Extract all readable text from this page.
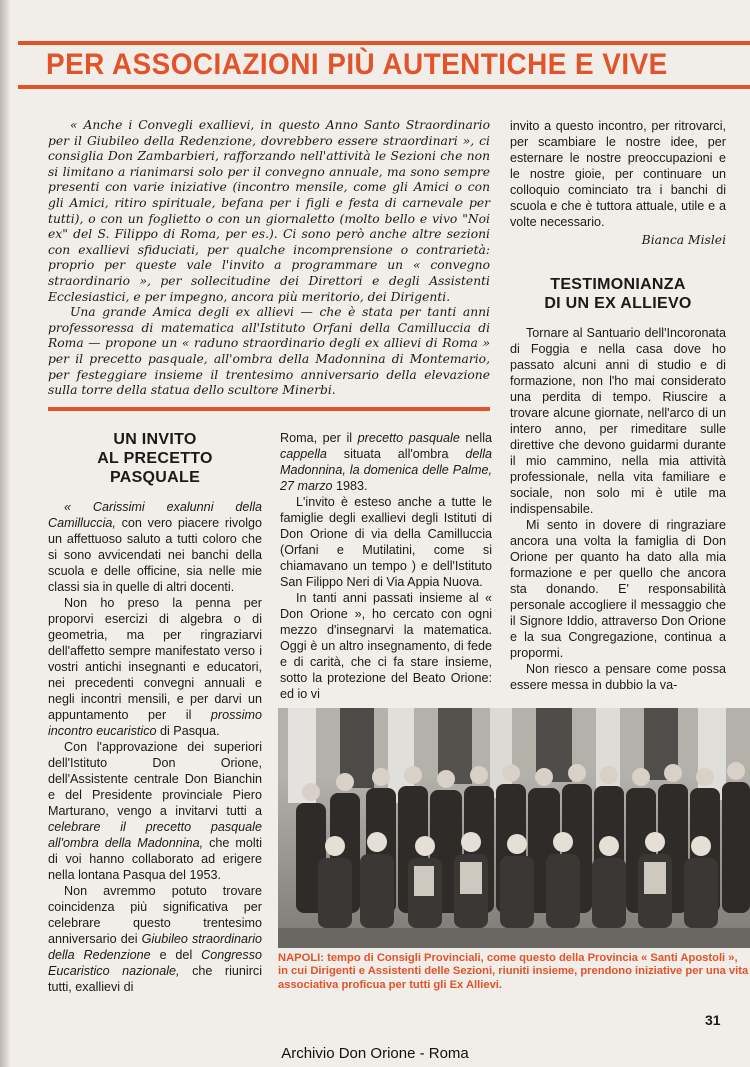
PER ASSOCIAZIONI PIÙ AUTENTICHE E VIVE

« Anche i Convegli exallievi, in questo Anno Santo Straordinario per il Giubileo della Redenzione, dovrebbero essere straordinari », ci consiglia Don Zambarbieri, rafforzando nell'attività le Sezioni che non si limitano a rianimarsi solo per il convegno annuale, ma sono sempre presenti con varie iniziative (incontro mensile, come gli Amici o con gli Amici, ritiro spirituale, befana per i figli e festa di carnevale per tutti), o con un foglietto o con un giornaletto (molto bello e vivo "Noi ex" del S. Filippo di Roma, per es.). Ci sono però anche altre sezioni con exallievi sfiduciati, per qualche incomprensione o contrarietà: proprio per queste vale l'invito a programmare un « convegno straordinario », per sollecitudine dei Direttori e degli Assistenti Ecclesiastici, e per impegno, ancora più meritorio, dei Dirigenti.

Una grande Amica degli ex allievi — che è stata per tanti anni professoressa di matematica all'Istituto Orfani della Camilluccia di Roma — propone un « raduno straordinario degli ex allievi di Roma » per il precetto pasquale, all'ombra della Madonnina di Montemario, per festeggiare insieme il trentesimo anniversario della elevazione sulla torre della statua dello scultore Minerbi.

UN INVITO
AL PRECETTO
PASQUALE

« Carissimi exalunni della Camilluccia, con vero piacere rivolgo un affettuoso saluto a tutti coloro che si sono avvicendati nei banchi della scuola e delle officine, sia nelle mie classi sia in quelle di altri docenti.

Non ho preso la penna per proporvi esercizi di algebra o di geometria, ma per ringraziarvi dell'affetto sempre manifestato verso i vostri antichi insegnanti e educatori, nei precedenti convegni annuali e negli incontri mensili, e per darvi un appuntamento per il prossimo incontro eucaristico di Pasqua.

Con l'approvazione dei superiori dell'Istituto Don Orione, dell'Assistente centrale Don Bianchin e del Presidente provinciale Piero Marturano, vengo a invitarvi tutti a celebrare il precetto pasquale all'ombra della Madonnina, che molti di voi hanno collaborato ad erigere nella lontana Pasqua del 1953.

Non avremmo potuto trovare coincidenza più significativa per celebrare questo trentesimo anniversario dei Giubileo straordinario della Redenzione e del Congresso Eucaristico nazionale, che riunirci tutti, exallievi di

Roma, per il precetto pasquale nella cappella situata all'ombra della Madonnina, la domenica delle Palme, 27 marzo 1983.

L'invito è esteso anche a tutte le famiglie degli exallievi degli Istituti di Don Orione di via della Camilluccia (Orfani e Mutilatini, come si chiamavano un tempo ) e dell'Istituto San Filippo Neri di Via Appia Nuova.

In tanti anni passati insieme al « Don Orione », ho cercato con ogni mezzo d'insegnarvi la matematica. Oggi è un altro insegnamento, di fede e di carità, che ci fa stare insieme, sotto la protezione del Beato Orione: ed io vi

invito a questo incontro, per ritrovarci, per scambiare le nostre idee, per esternare le nostre preoccupazioni e le nostre gioie, per continuare un colloquio cominciato tra i banchi di scuola e che è tuttora attuale, utile e a volte necessario.

Bianca Mislei

TESTIMONIANZA
DI UN EX ALLIEVO

Tornare al Santuario dell'Incoronata di Foggia e nella casa dove ho passato alcuni anni di studio e di formazione, non l'ho mai considerato una perdita di tempo. Riuscire a trovare alcune giornate, nell'arco di un intero anno, per rimeditare sulle direttive che devono guidarmi durante il mio cammino, nella mia attività professionale, nella vita familiare e sociale, non solo mi è utile ma indispensabile.

Mi sento in dovere di ringraziare ancora una volta la famiglia di Don Orione per quanto ha dato alla mia formazione e per quello che ancora sta donando. E' responsabilità personale accogliere il messaggio che il Signore Iddio, attraverso Don Orione e la sua Congregazione, continua a propormi.

Non riesco a pensare come possa essere messa in dubbio la va-

NAPOLI: tempo di Consigli Provinciali, come questo della Provincia « Santi Apostoli », in cui Dirigenti e Assistenti delle Sezioni, riuniti insieme, prendono iniziative per una vita associativa proficua per tutti gli Ex Allievi.

31
Archivio Don Orione - Roma
